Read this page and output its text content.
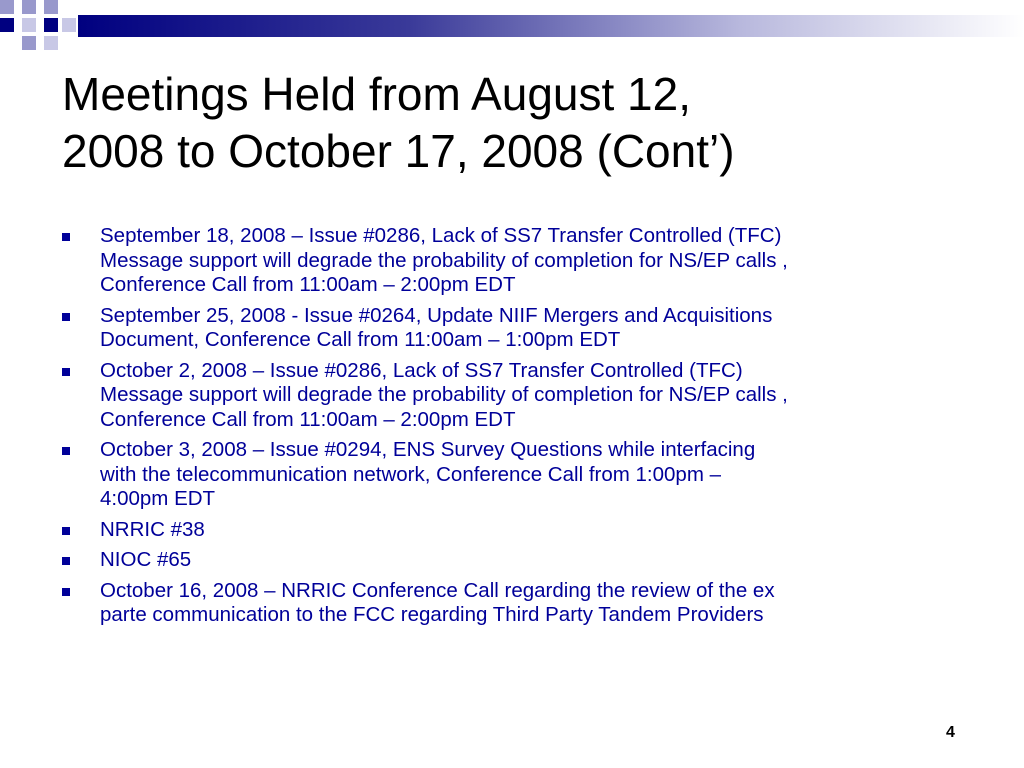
Meetings Held from August 12,
2008 to October 17, 2008 (Cont’)
September 18, 2008 – Issue #0286, Lack of SS7 Transfer Controlled (TFC)
Message support will degrade the probability of completion for NS/EP calls ,
Conference Call from 11:00am – 2:00pm EDT
September 25, 2008 - Issue #0264, Update NIIF Mergers and Acquisitions
Document, Conference Call from 11:00am – 1:00pm EDT
October 2, 2008 – Issue #0286, Lack of SS7 Transfer Controlled (TFC)
Message support will degrade the probability of completion for NS/EP calls ,
Conference Call from 11:00am – 2:00pm EDT
October 3, 2008 – Issue #0294, ENS Survey Questions while interfacing
with the telecommunication network, Conference Call from 1:00pm –
4:00pm EDT
NRRIC #38
NIOC #65
October 16, 2008 – NRRIC Conference Call regarding the review of the ex
parte communication to the FCC regarding Third Party Tandem Providers
4
